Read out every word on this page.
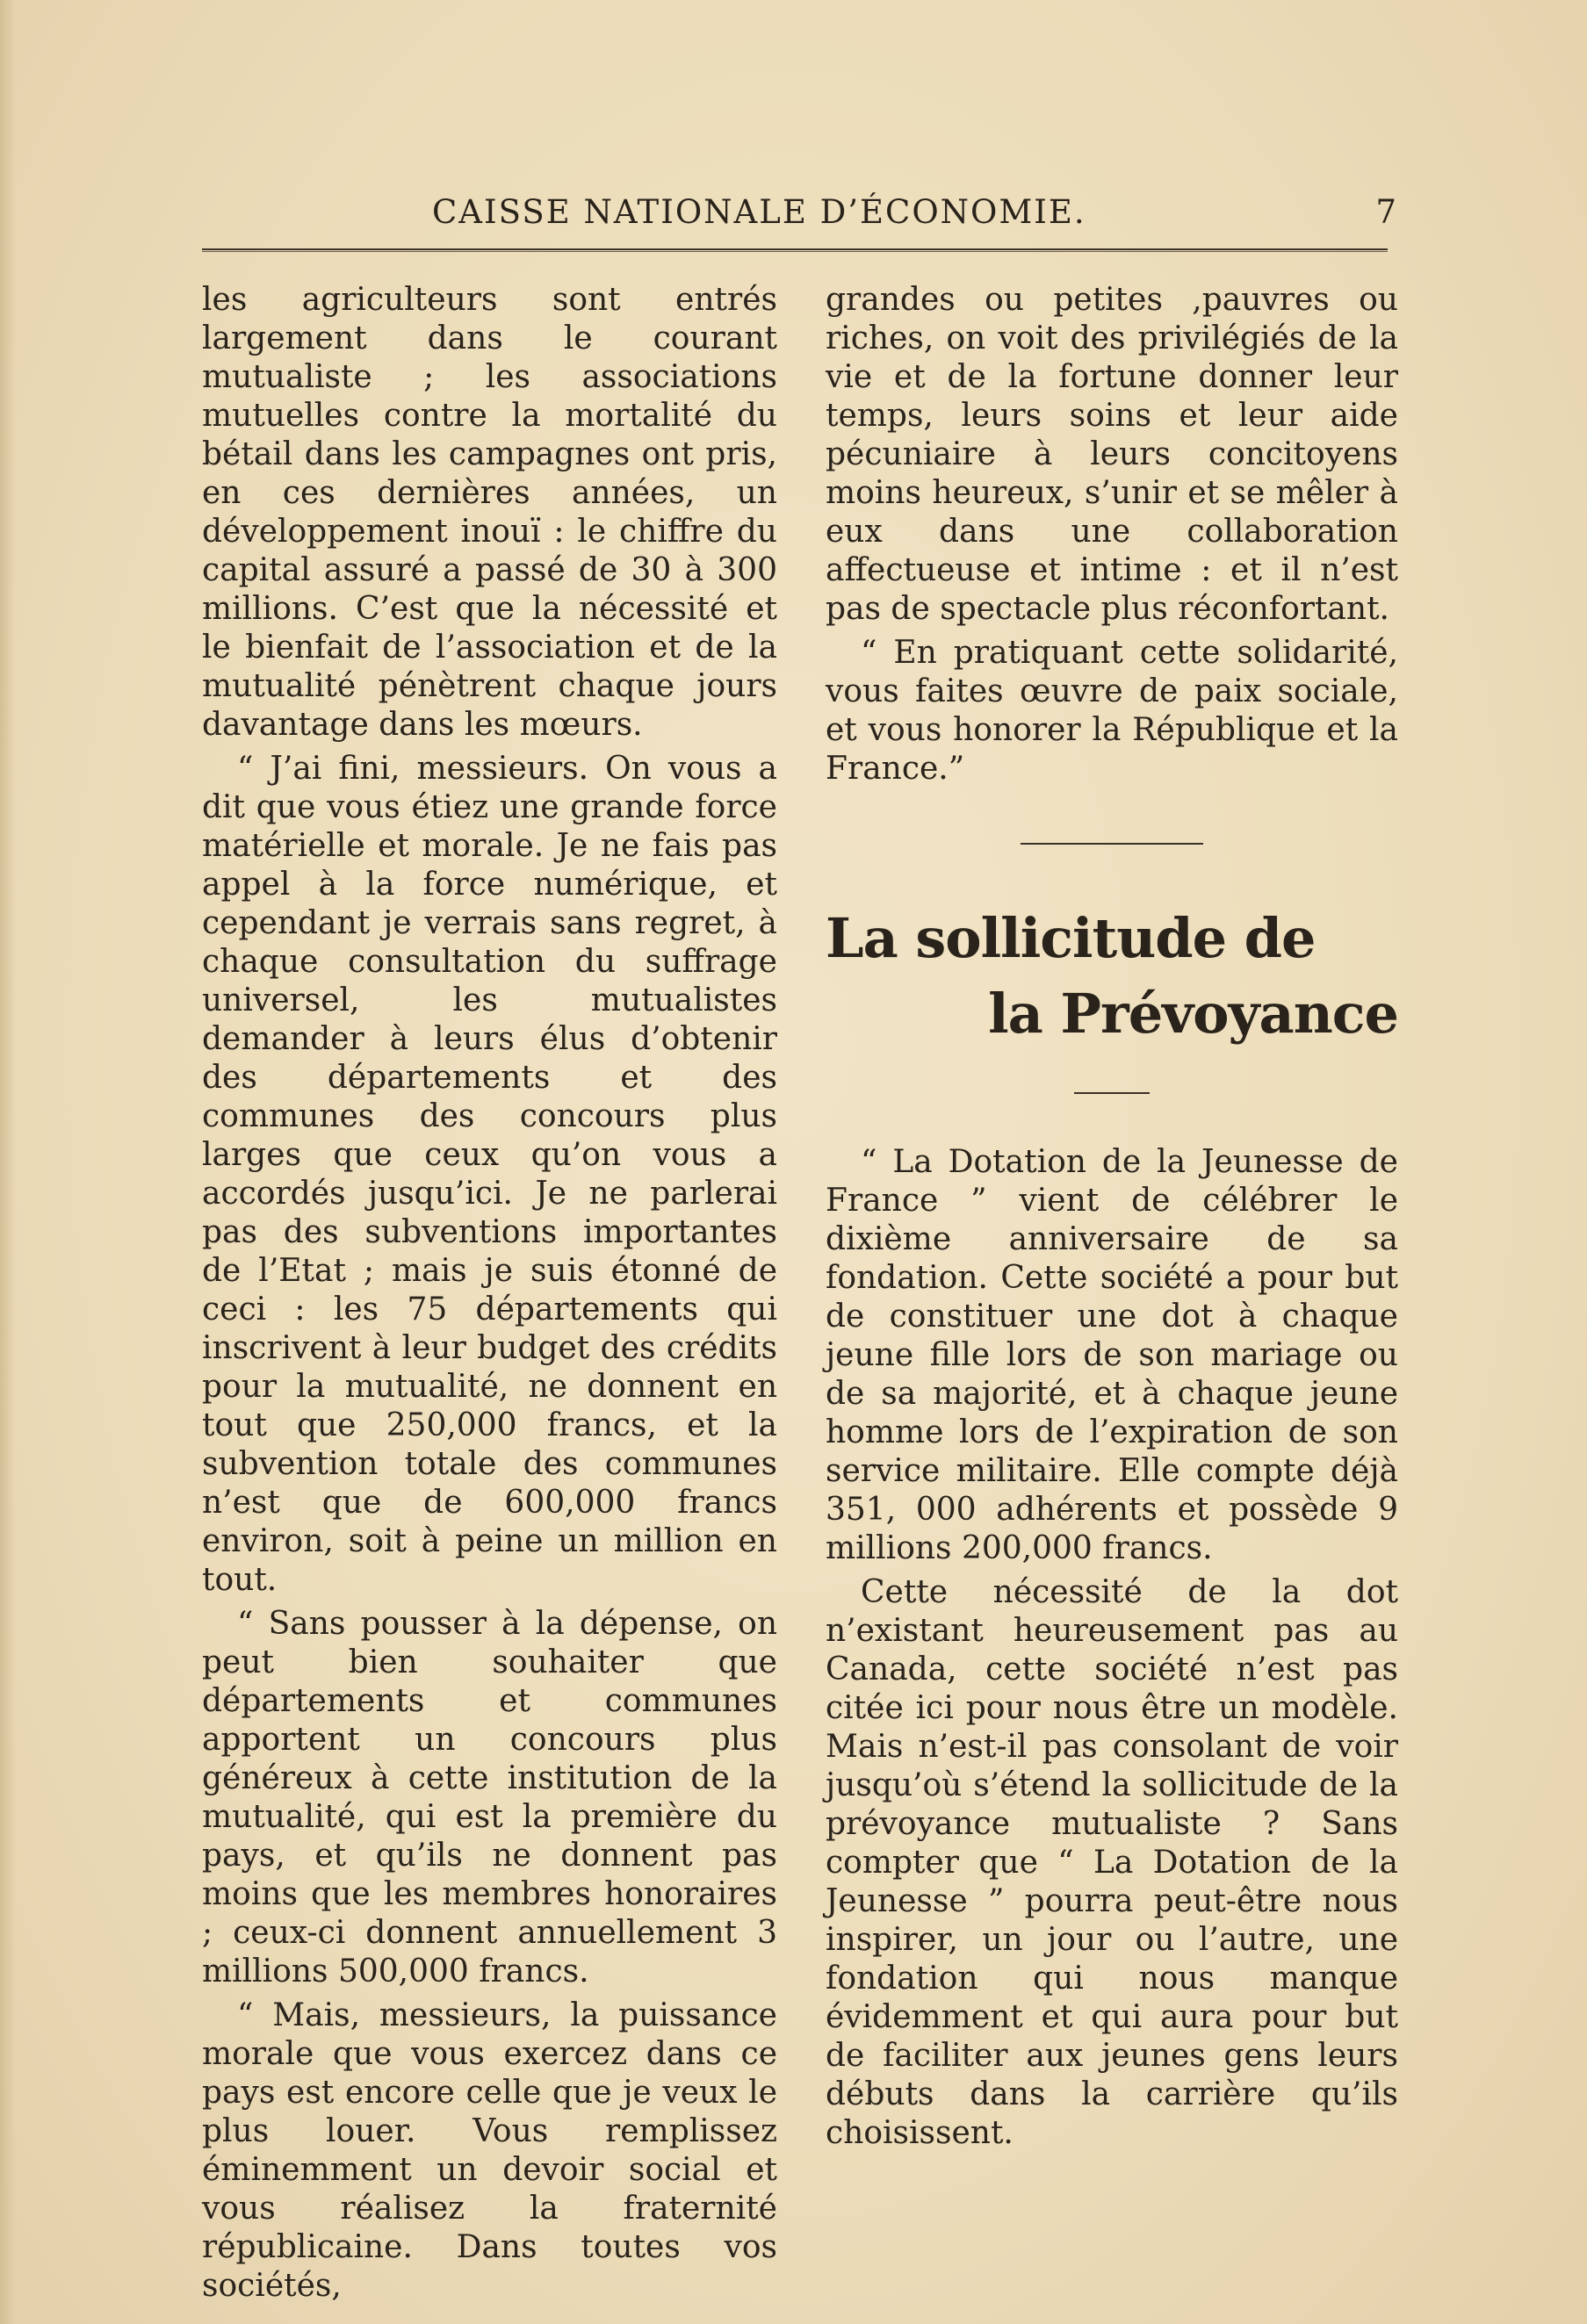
CAISSE NATIONALE D’ÉCONOMIE.	7

les agriculteurs sont entrés largement dans le courant mutualiste ; les associations mutuelles contre la mortalité du bétail dans les campagnes ont pris, en ces dernières années, un développement inouï : le chiffre du capital assuré a passé de 30 à 300 millions. C’est que la nécessité et le bienfait de l’association et de la mutualité pénètrent chaque jours davantage dans les mœurs.

“ J’ai fini, messieurs. On vous a dit que vous étiez une grande force matérielle et morale. Je ne fais pas appel à la force numérique, et cependant je verrais sans regret, à chaque consultation du suffrage universel, les mutualistes demander à leurs élus d’obtenir des départements et des communes des concours plus larges que ceux qu’on vous a accordés jusqu’ici. Je ne parlerai pas des subventions importantes de l’Etat ; mais je suis étonné de ceci : les 75 départements qui inscrivent à leur budget des crédits pour la mutualité, ne donnent en tout que 250,000 francs, et la subvention totale des communes n’est que de 600,000 francs environ, soit à peine un million en tout.

“ Sans pousser à la dépense, on peut bien souhaiter que départements et communes apportent un concours plus généreux à cette institution de la mutualité, qui est la première du pays, et qu’ils ne donnent pas moins que les membres honoraires ; ceux-ci donnent annuellement 3 millions 500,000 francs.

“ Mais, messieurs, la puissance morale que vous exercez dans ce pays est encore celle que je veux le plus louer. Vous remplissez éminemment un devoir social et vous réalisez la fraternité républicaine. Dans toutes vos sociétés,

grandes ou petites ,pauvres ou riches, on voit des privilégiés de la vie et de la fortune donner leur temps, leurs soins et leur aide pécuniaire à leurs concitoyens moins heureux, s’unir et se mêler à eux dans une collaboration affectueuse et intime : et il n’est pas de spectacle plus réconfortant.

“ En pratiquant cette solidarité, vous faites œuvre de paix sociale, et vous honorer la République et la France.”

La sollicitude de
la Prévoyance

“ La Dotation de la Jeunesse de France ” vient de célébrer le dixième anniversaire de sa fondation. Cette société a pour but de constituer une dot à chaque jeune fille lors de son mariage ou de sa majorité, et à chaque jeune homme lors de l’expiration de son service militaire. Elle compte déjà 351, 000 adhérents et possède 9 millions 200,000 francs.

Cette nécessité de la dot n’existant heureusement pas au Canada, cette société n’est pas citée ici pour nous être un modèle. Mais n’est-il pas consolant de voir jusqu’où s’étend la sollicitude de la prévoyance mutualiste ? Sans compter que “ La Dotation de la Jeunesse ” pourra peut-être nous inspirer, un jour ou l’autre, une fondation qui nous manque évidemment et qui aura pour but de faciliter aux jeunes gens leurs débuts dans la carrière qu’ils choisissent.
